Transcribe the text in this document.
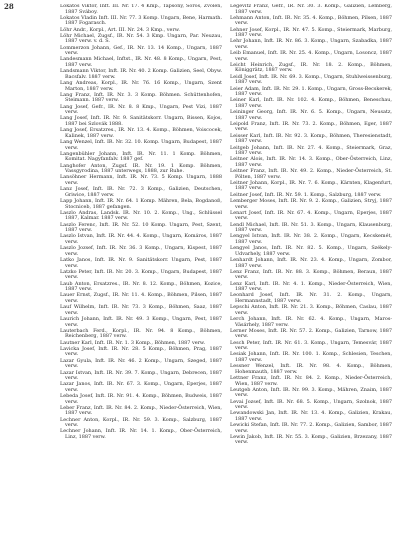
28	Lokatos Viktor, Inft. III. Nr. 17. 4 Kmp., Tapsony, Soros, Zvolen, 1887 Sváboy.

Lokatos Vladin Inft. III. Nr. 77. 3 Komp. Ungarn, Bene, Harmath. 1887 Fogarasch.

Löhr Andr., Korpl., Art. III. Nr. 24. 3 Kmp., verw.

Löhr Michael, Zugsf., IR. Nr. 54. 3 Kmp. Ungarn, Par. Neuzau, 1887 verw. v. d. S.

Lommerzon Johann, Gef., IR. Nr. 13. 14 Komp., Ungarn, 1887 verw.

Landesmann Michael, Inftst., IR. Nr. 48. 8 Komp., Ungarn, Pest, 1887 verw.

Landsmann Viktor, Inft. IR. Nr. 40. 2 Komp. Galizien, Seel, Obyw. Bacsfalv. 1887 verw.

Lang Andreas, Korpl., IR. Nr. 76. 16 Komp., Ungarn, Szent Marton, 1887 verw.

Lang Franz, Inft. IR. Nr. 3. 3 Komp. Böhmen. Schüttenhofen, Steimann. 1887 verw.

Lang Josef, Gefr., IR. Nr. 8. 8 Kmp., Ungarn, Pest Vizi, 1887 verw.

Lang Josef, Inft. IR. Nr. 9. Sanitätskorr. Ungarn, Bissen, Kojos, 1887 bei Szlovák 1888.

Lang Josef, Ersatzres., IR. Nr. 13. 4. Komp., Böhmen, Voiscocek, Kalinek, 1887 verw.

Lang Wenzel, Inft. IR. Nr. 32. 10. Komp. Ungarn, Budapest, 1887 verw.

Langenbühler Johann, Inft. IR. Nr. 11. 1 Komp. Böhmen, Komitat. Nagyfanfalv. 1887 gef.

Langhofer Anton, Zugsf. IR. Nr. 19. 1 Komp. Böhmen, Vassgyrodina, 1887 unterwegs, 1888, zur Ruhe.

Lansöhner Hermann, Inft. IR. Nr. 73. 5 Komp. Ungarn, 1888 verw.

Lanz Josef, Inft. IR. Nr. 72. 3 Komp., Galizien, Deutschen, Griwice, 1887 verw.

Lapp Johann, Inft. IR. Nr. 64. 1 Komp. Mähren, Bela, Bogdanoß, Stocniceb, 1887 gefangen.

Laszlo Andras, Landsk. IR. Nr. 10. 2. Komp., Ung., Schlüssel 1887, Kalmar. 1887 verw.

Laszlo Ferenc, Inft. IR. Nr. 52. 10 Komp. Ungarn, Pest, Szent, 1887 verw.

Laszlo Istvan, Inft. IR. Nr. 44. 4. Komp., Ungarn, Komáros, 1887 verw.

Laszlo Jozsef, Inft. IR. Nr. 36. 3 Komp., Ungarn, Kispest, 1887 verw.

Latko Janos, Inft. IR. Nr. 9. Sanitätskorr. Ungarn, Pest, 1887 verw.

Latzko Peter, Inft. IR. Nr. 20. 3. Komp., Ungarn, Budapest, 1887 verw.

Laub Anton, Ersatzres., IR. Nr. 8. 12. Komp., Böhmen, Kozice, 1887 verw.

Lauer Ernst, Zugsf., IR. Nr. 11. 4. Komp., Böhmen, Pilsen, 1887 verw.

Lauf Wilhelm, Inft. IR. Nr. 73. 3 Komp., Böhmen, Saaz, 1887 verw.

Laurich Johann, Inft. IR. Nr. 49. 3 Komp., Ungarn, Pest, 1887 verw.

Lauterbach Ferd., Korpl., IR. Nr. 94. 8 Komp., Böhmen, Reichenberg, 1887 verw.

Lautner Karl, Inft. IR. Nr. 1. 3 Komp., Böhmen, 1887 verw.

Lavicka Josef, Inft. IR. Nr. 28. 5 Komp., Böhmen, Prag, 1887 verw.

Lazar Gyula, Inft. IR. Nr. 46. 2 Komp., Ungarn, Szeged, 1887 verw.

Lazar Istvan, Inft. IR. Nr. 39. 7. Komp., Ungarn, Debrecen, 1887 verw.

Lazar Janos, Inft. IR. Nr. 67. 3. Komp., Ungarn, Eperjes, 1887 verw.

Lebeda Josef, Inft. IR. Nr. 91. 4. Komp., Böhmen, Budweis, 1887 verw.

Leber Franz, Inft. IR. Nr. 84. 2. Komp., Nieder-Österreich, Wien, 1887 verw.

Lechner Anton, Korpl., IR. Nr. 59. 3. Komp., Salzburg, 1887 verw.

Lechner Johann, Inft. IR. Nr. 14. 1. Komp., Ober-Österreich, Linz, 1887 verw.

Legevitz Franz, Gefr., IR. Nr. 30. 3. Komp., Galizien, Lemberg, 1887 verw.

Lehmann Anton, Inft. IR. Nr. 35. 4. Komp., Böhmen, Pilsen, 1887 verw.

Lehner Josef, Korpl., IR. Nr. 47. 5. Komp., Steiermark, Marburg, 1887 verw.

Lehr Johann, Inft. IR. Nr. 86. 3. Komp., Ungarn, Szabadka, 1887 verw.

Leib Emanuel, Inft. IR. Nr. 25. 4. Komp., Ungarn, Losoncz, 1887 verw.

Leicht Heinrich, Zugsf., IR. Nr. 18. 2. Komp., Böhmen, Königgrätz, 1887 verw.

Leidl Josef, Inft. IR. Nr. 69. 3. Komp., Ungarn, Stuhlweissenburg, 1887 verw.

Leier Adam, Inft. IR. Nr. 29. 1. Komp., Ungarn, Gross-Becskerek, 1887 verw.

Leiner Karl, Inft. IR. Nr. 102. 4. Komp., Böhmen, Beneschau, 1887 verw.

Leininger Georg, Inft. IR. Nr. 6. 5. Komp., Ungarn, Neusatz, 1887 verw.

Leipold Franz, Inft. IR. Nr. 73. 2. Komp., Böhmen, Eger, 1887 verw.

Leisser Karl, Inft. IR. Nr. 92. 3. Komp., Böhmen, Theresienstadt, 1887 verw.

Leitgeb Johann, Inft. IR. Nr. 27. 4. Komp., Steiermark, Graz, 1887 verw.

Leitner Alois, Inft. IR. Nr. 14. 3. Komp., Ober-Österreich, Linz, 1887 verw.

Leitner Franz, Inft. IR. Nr. 49. 2. Komp., Nieder-Österreich, St. Pölten, 1887 verw.

Leitner Johann, Korpl., IR. Nr. 7. 6. Komp., Kärnten, Klagenfurt, 1887 verw.

Leitner Josef, Inft. IR. Nr. 59. 1. Komp., Salzburg, 1887 verw.

Lemberger Moses, Inft. IR. Nr. 9. 2. Komp., Galizien, Stryj, 1887 verw.

Lenart Josef, Inft. IR. Nr. 67. 4. Komp., Ungarn, Eperjes, 1887 verw.

Lendl Michael, Inft. IR. Nr. 51. 3. Komp., Ungarn, Klausenburg, 1887 verw.

Lengyel Istvan, Inft. IR. Nr. 38. 2. Komp., Ungarn, Kecskemét, 1887 verw.

Lengyel Janos, Inft. IR. Nr. 82. 5. Komp., Ungarn, Székely-Udvarhely, 1887 verw.

Lenhardt Johann, Inft. IR. Nr. 23. 4. Komp., Ungarn, Zombor, 1887 verw.

Lenz Franz, Inft. IR. Nr. 88. 3. Komp., Böhmen, Beraun, 1887 verw.

Lenz Karl, Inft. IR. Nr. 4. 1. Komp., Nieder-Österreich, Wien, 1887 verw.

Leonhard Josef, Inft. IR. Nr. 31. 2. Komp., Ungarn, Hermannstadt, 1887 verw.

Lepschi Anton, Inft. IR. Nr. 21. 3. Komp., Böhmen, Caslau, 1887 verw.

Lerch Johann, Inft. IR. Nr. 62. 4. Komp., Ungarn, Maros-Vásárhely, 1887 verw.

Lerner Moses, Inft. IR. Nr. 57. 2. Komp., Galizien, Tarnow, 1887 verw.

Lesch Peter, Inft. IR. Nr. 61. 3. Komp., Ungarn, Temesvár, 1887 verw.

Lesiak Johann, Inft. IR. Nr. 100. 1. Komp., Schlesien, Teschen, 1887 verw.

Lessner Wenzel, Inft. IR. Nr. 98. 4. Komp., Böhmen, Hohenmauth, 1887 verw.

Lettner Franz, Inft. IR. Nr. 84. 2. Komp., Nieder-Österreich, Wien, 1887 verw.

Leutgeb Anton, Inft. IR. Nr. 99. 3. Komp., Mähren, Znaim, 1887 verw.

Levai Jozsef, Inft. IR. Nr. 68. 5. Komp., Ungarn, Szolnok, 1887 verw.

Lewandowski Jan, Inft. IR. Nr. 13. 4. Komp., Galizien, Krakau, 1887 verw.

Lewicki Stefan, Inft. IR. Nr. 77. 2. Komp., Galizien, Sambor, 1887 verw.

Lewin Jakob, Inft. IR. Nr. 55. 3. Komp., Galizien, Brzezany, 1887 verw.
